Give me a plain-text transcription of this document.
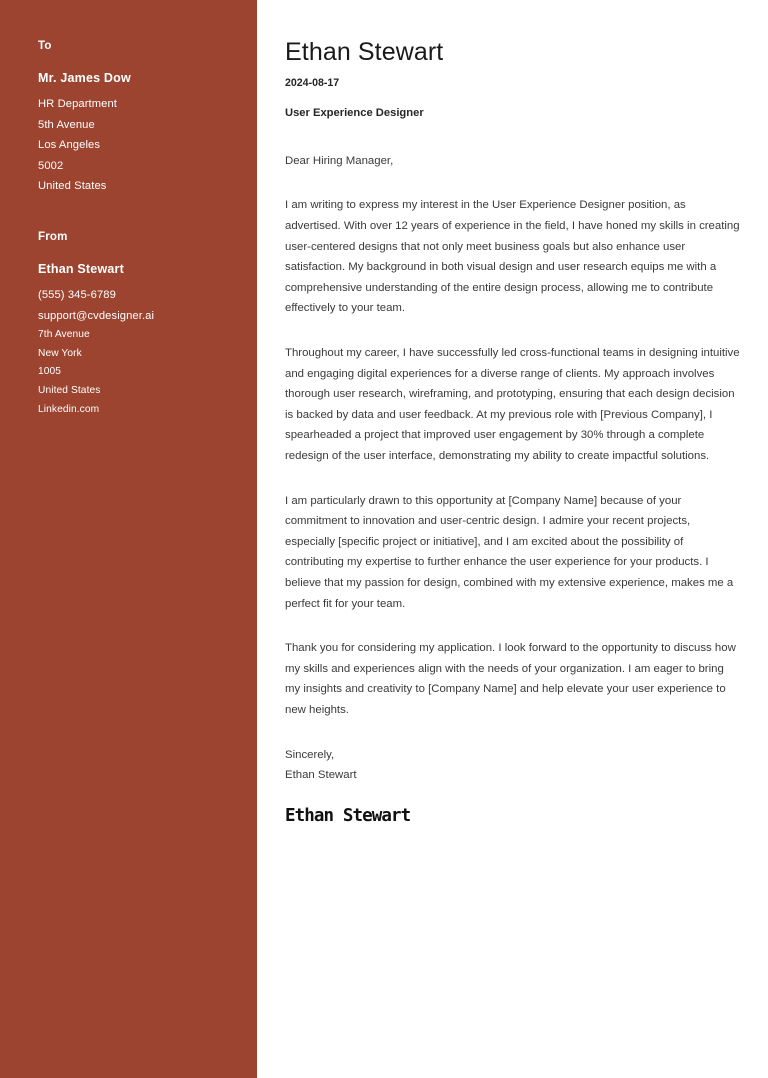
To
Mr. James Dow
HR Department
5th Avenue
Los Angeles
5002
United States
From
Ethan Stewart
(555) 345-6789
support@cvdesigner.ai
7th Avenue
New York
1005
United States
Linkedin.com
Ethan Stewart
2024-08-17
User Experience Designer

Dear Hiring Manager,

I am writing to express my interest in the User Experience Designer position, as advertised. With over 12 years of experience in the field, I have honed my skills in creating user-centered designs that not only meet business goals but also enhance user satisfaction. My background in both visual design and user research equips me with a comprehensive understanding of the entire design process, allowing me to contribute effectively to your team.

Throughout my career, I have successfully led cross-functional teams in designing intuitive and engaging digital experiences for a diverse range of clients. My approach involves thorough user research, wireframing, and prototyping, ensuring that each design decision is backed by data and user feedback. At my previous role with [Previous Company], I spearheaded a project that improved user engagement by 30% through a complete redesign of the user interface, demonstrating my ability to create impactful solutions.

I am particularly drawn to this opportunity at [Company Name] because of your commitment to innovation and user-centric design. I admire your recent projects, especially [specific project or initiative], and I am excited about the possibility of contributing my expertise to further enhance the user experience for your products. I believe that my passion for design, combined with my extensive experience, makes me a perfect fit for your team.

Thank you for considering my application. I look forward to the opportunity to discuss how my skills and experiences align with the needs of your organization. I am eager to bring my insights and creativity to [Company Name] and help elevate your user experience to new heights.

Sincerely,
Ethan Stewart
Ethan Stewart
